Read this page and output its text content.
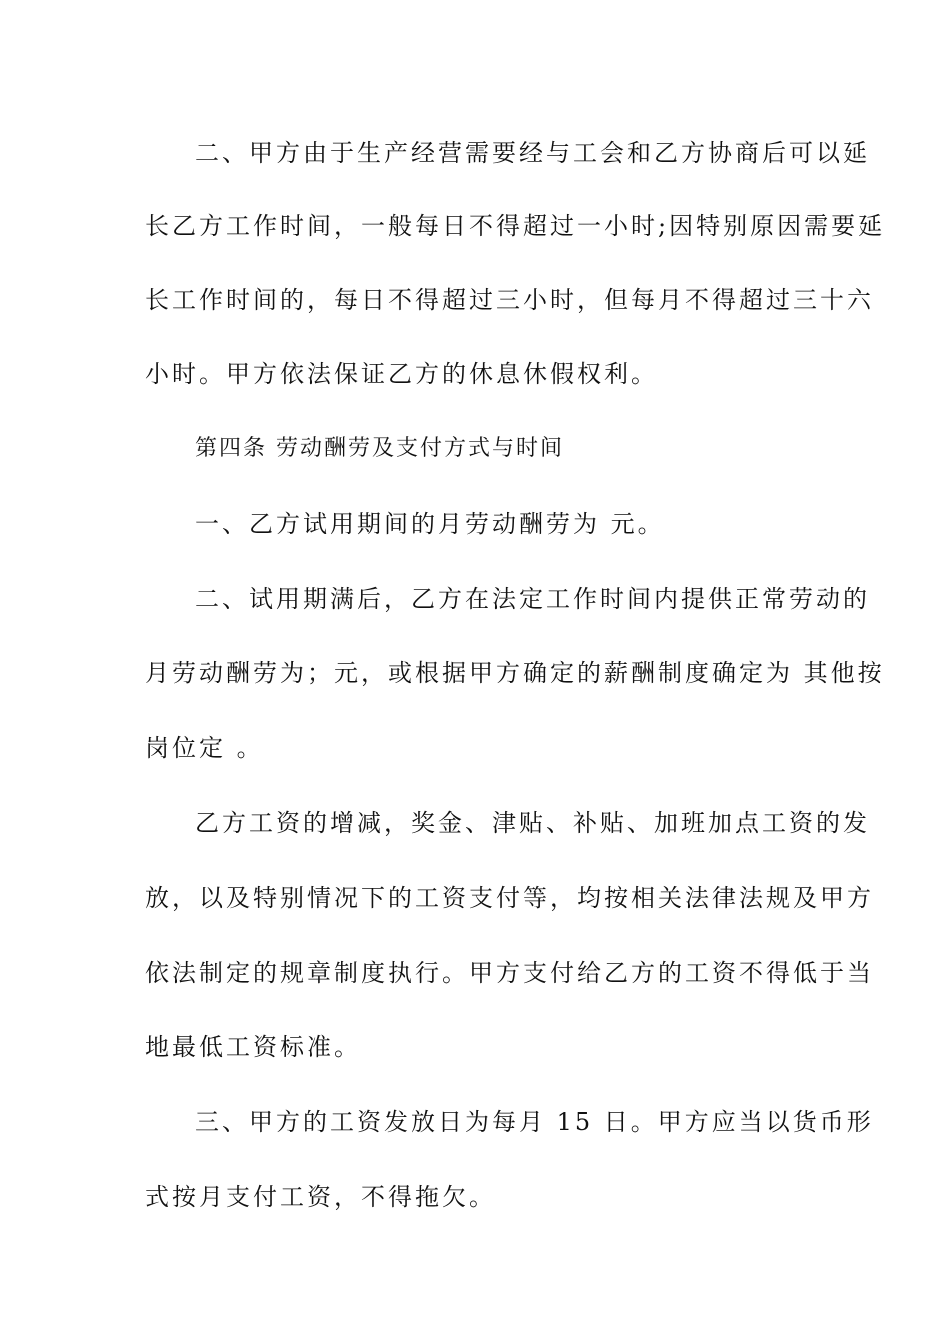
二、甲方由于生产经营需要经与工会和乙方协商后可以延

长乙方工作时间，一般每日不得超过一小时;因特别原因需要延

长工作时间的，每日不得超过三小时，但每月不得超过三十六

小时。甲方依法保证乙方的休息休假权利。

第四条 劳动酬劳及支付方式与时间

一、乙方试用期间的月劳动酬劳为 元。

二、试用期满后，乙方在法定工作时间内提供正常劳动的

月劳动酬劳为；元，或根据甲方确定的薪酬制度确定为 其他按

岗位定 。

乙方工资的增减，奖金、津贴、补贴、加班加点工资的发

放，以及特别情况下的工资支付等，均按相关法律法规及甲方

依法制定的规章制度执行。甲方支付给乙方的工资不得低于当

地最低工资标准。

三、甲方的工资发放日为每月 15 日。甲方应当以货币形

式按月支付工资，不得拖欠。
